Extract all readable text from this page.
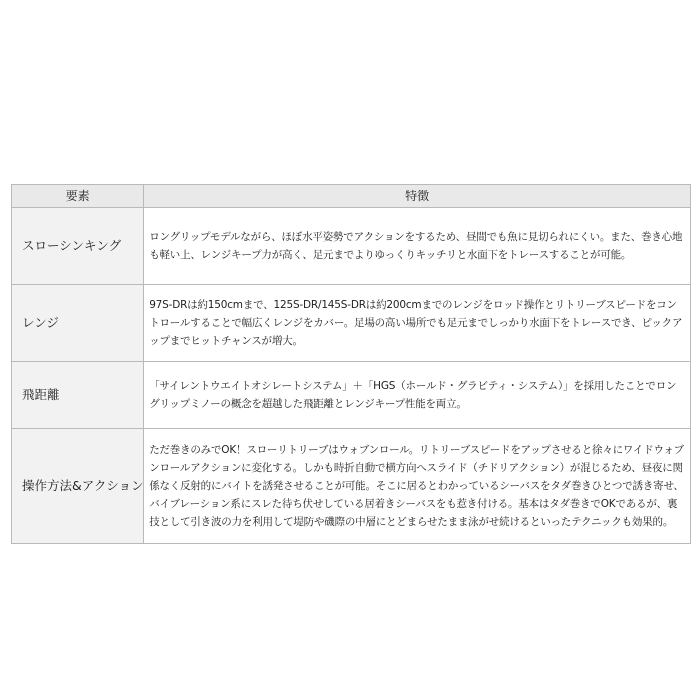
要素	特徴
スローシンキング	ロングリップモデルながら、ほぼ水平姿勢でアクションをするため、昼間でも魚に見切られにくい。また、巻き心地も軽い上、レンジキープ力が高く、足元までよりゆっくりキッチリと水面下をトレースすることが可能。
レンジ	97S-DRは約150cmまで、125S-DR/145S-DRは約200cmまでのレンジをロッド操作とリトリーブスピードをコントロールすることで幅広くレンジをカバー。足場の高い場所でも足元までしっかり水面下をトレースでき、ピックアップまでヒットチャンスが増大。
飛距離	「サイレントウエイトオシレートシステム」＋「HGS（ホールド・グラビティ・システム）」を採用したことでロングリップミノーの概念を超越した飛距離とレンジキープ性能を両立。
操作方法&アクション	ただ巻きのみでOK！スローリトリーブはウォブンロール。リトリーブスピードをアップさせると徐々にワイドウォブンロールアクションに変化する。しかも時折自動で横方向へスライド（チドリアクション）が混じるため、昼夜に関係なく反射的にバイトを誘発させることが可能。そこに居るとわかっているシーバスをタダ巻きひとつで誘き寄せ、バイブレーション系にスレた待ち伏せしている居着きシーバスをも惹き付ける。基本はタダ巻きでOKであるが、裏技として引き波の力を利用して堤防や磯際の中層にとどまらせたまま泳がせ続けるといったテクニックも効果的。
